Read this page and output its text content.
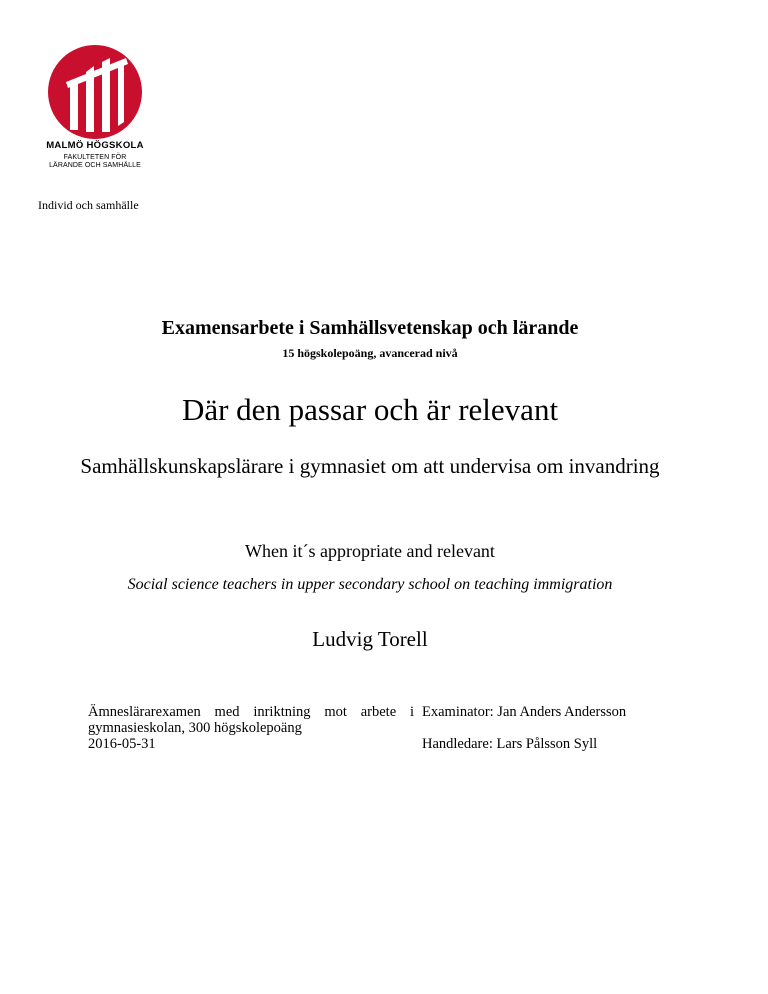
MALMÖ HÖGSKOLA
FAKULTETEN FÖR
LÄRANDE OCH SAMHÄLLE
Individ och samhälle
Examensarbete i Samhällsvetenskap och lärande
15 högskolepoäng, avancerad nivå
Där den passar och är relevant
Samhällskunskapslärare i gymnasiet om att undervisa om invandring
When it´s appropriate and relevant
Social science teachers in upper secondary school on teaching immigration
Ludvig Torell
Ämneslärarexamen med inriktning mot arbete i gymnasieskolan, 300 högskolepoäng
2016-05-31
Examinator: Jan Anders Andersson
Handledare: Lars Pålsson Syll
